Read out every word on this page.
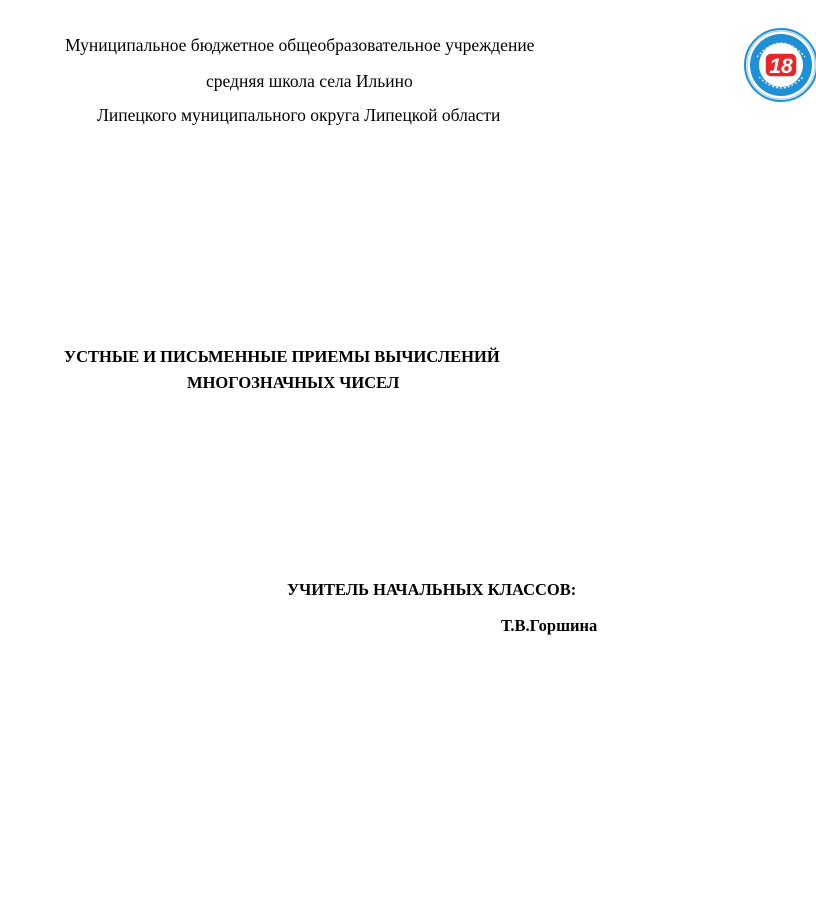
Муниципальное бюджетное общеобразовательное учреждение
средняя школа села Ильино
Липецкого муниципального округа Липецкой области
18
УСТНЫЕ И ПИСЬМЕННЫЕ ПРИЕМЫ ВЫЧИСЛЕНИЙ
МНОГОЗНАЧНЫХ ЧИСЕЛ
УЧИТЕЛЬ НАЧАЛЬНЫХ КЛАССОВ:
Т.В.Горшина
